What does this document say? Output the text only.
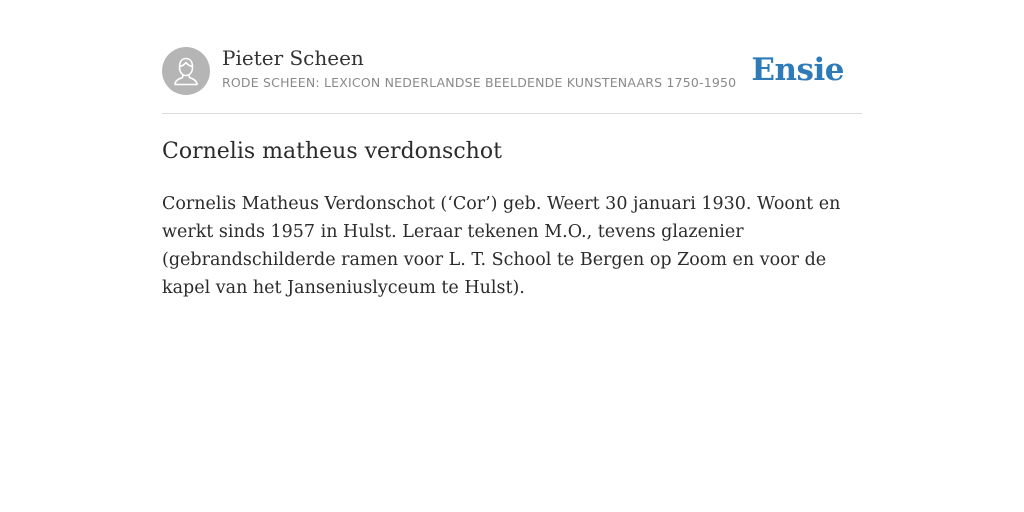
Pieter Scheen
RODE SCHEEN: LEXICON NEDERLANDSE BEELDENDE KUNSTENAARS 1750-1950 Ensie
Cornelis matheus verdonschot

Cornelis Matheus Verdonschot (‘Cor’) geb. Weert 30 januari 1930. Woont en werkt sinds 1957 in Hulst. Leraar tekenen M.O., tevens glazenier (gebrandschilderde ramen voor L. T. School te Bergen op Zoom en voor de kapel van het Janseniuslyceum te Hulst).
